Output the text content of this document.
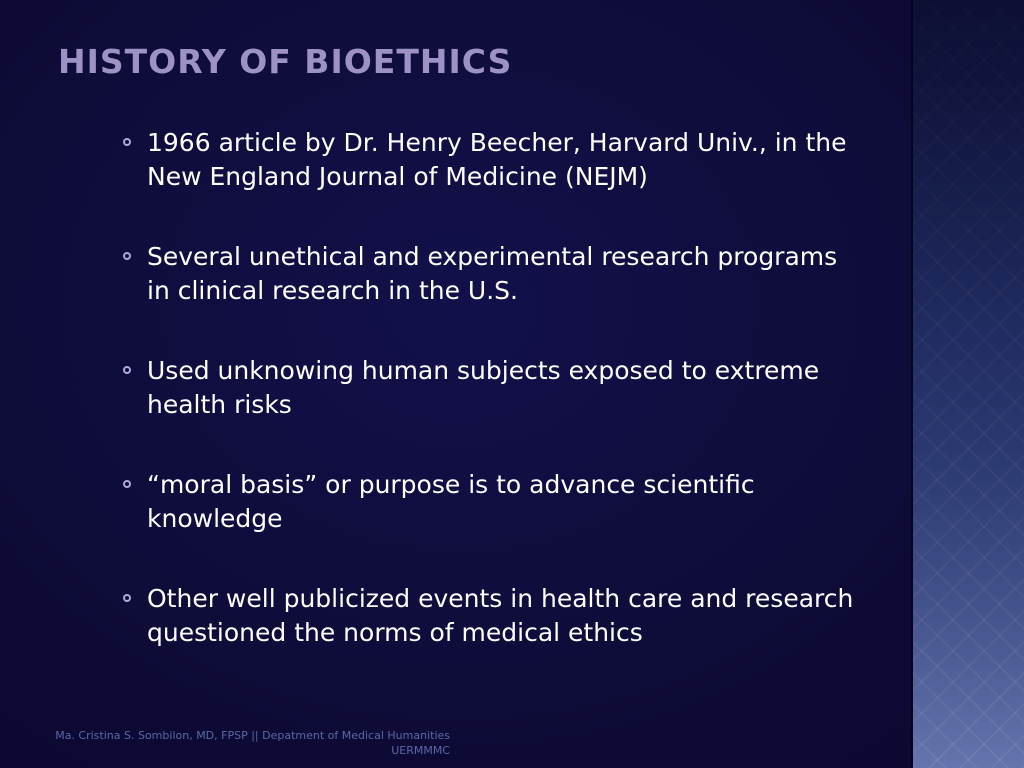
HISTORY OF BIOETHICS
1966 article by Dr. Henry Beecher, Harvard Univ., in the New England Journal of Medicine (NEJM)
Several unethical and experimental research programs in clinical research in the U.S.
Used unknowing human subjects exposed to extreme health risks
“moral basis” or purpose is to advance scientific knowledge
Other well publicized events in health care and research questioned the norms of medical ethics
Ma. Cristina S. Sombilon, MD, FPSP || Depatment of Medical Humanities UERMMMC
